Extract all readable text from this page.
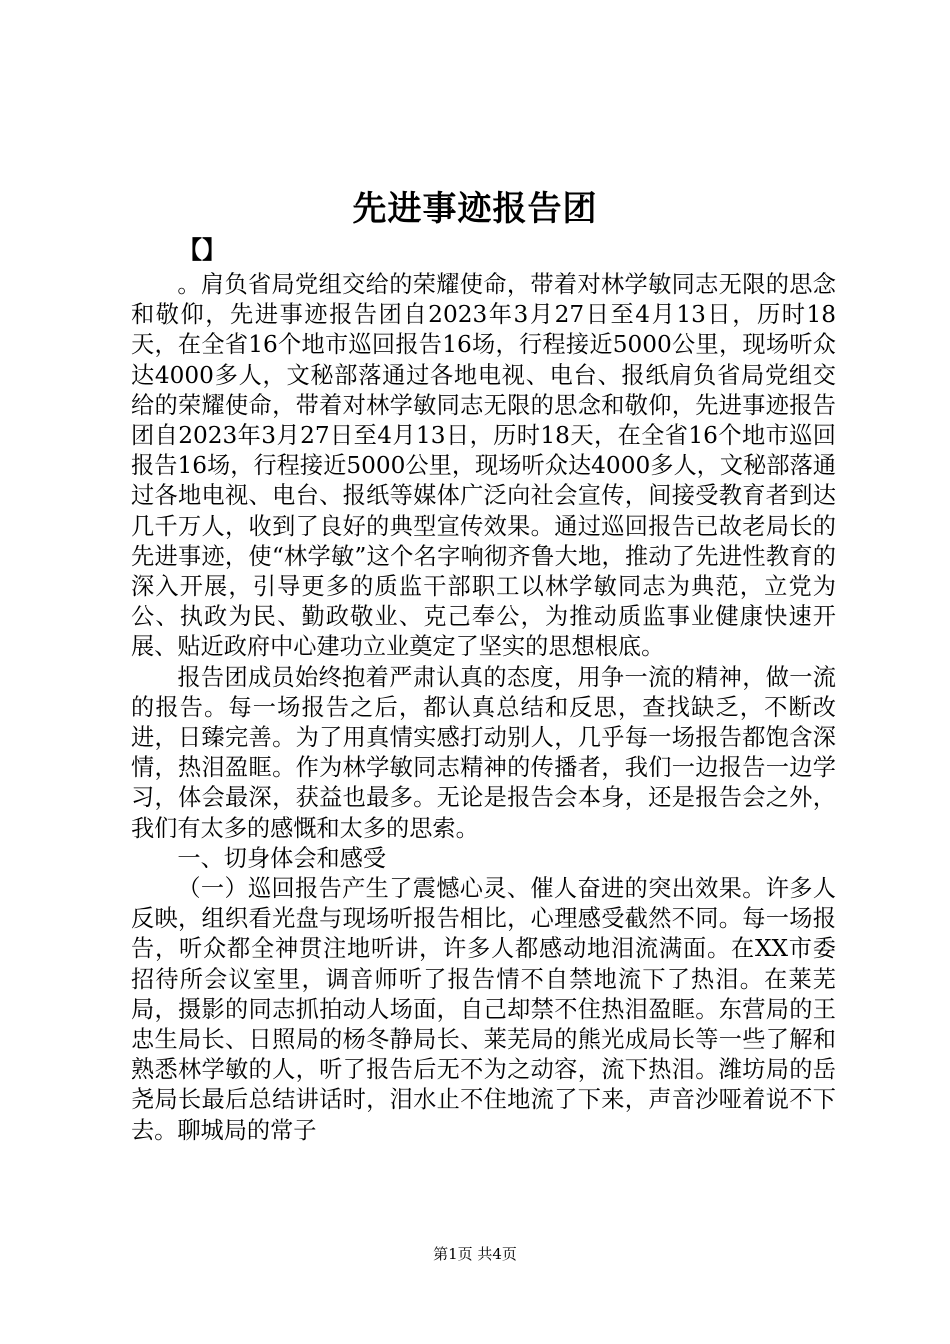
先进事迹报告团
【】

。肩负省局党组交给的荣耀使命，带着对林学敏同志无限的思念和敬仰，先进事迹报告团自2023年3月27日至4月13日，历时18天，在全省16个地市巡回报告16场，行程接近5000公里，现场听众达4000多人，文秘部落通过各地电视、电台、报纸肩负省局党组交给的荣耀使命，带着对林学敏同志无限的思念和敬仰，先进事迹报告团自2023年3月27日至4月13日，历时18天，在全省16个地市巡回报告16场，行程接近5000公里，现场听众达4000多人，文秘部落通过各地电视、电台、报纸等媒体广泛向社会宣传，间接受教育者到达几千万人，收到了良好的典型宣传效果。通过巡回报告已故老局长的先进事迹，使“林学敏”这个名字响彻齐鲁大地，推动了先进性教育的深入开展，引导更多的质监干部职工以林学敏同志为典范，立党为公、执政为民、勤政敬业、克己奉公，为推动质监事业健康快速开展、贴近政府中心建功立业奠定了坚实的思想根底。

报告团成员始终抱着严肃认真的态度，用争一流的精神，做一流的报告。每一场报告之后，都认真总结和反思，查找缺乏，不断改进，日臻完善。为了用真情实感打动别人，几乎每一场报告都饱含深情，热泪盈眶。作为林学敏同志精神的传播者，我们一边报告一边学习，体会最深，获益也最多。无论是报告会本身，还是报告会之外，我们有太多的感慨和太多的思索。

一、切身体会和感受

（一）巡回报告产生了震憾心灵、催人奋进的突出效果。许多人反映，组织看光盘与现场听报告相比，心理感受截然不同。每一场报告，听众都全神贯注地听讲，许多人都感动地泪流满面。在XX市委招待所会议室里，调音师听了报告情不自禁地流下了热泪。在莱芜局，摄影的同志抓拍动人场面，自己却禁不住热泪盈眶。东营局的王忠生局长、日照局的杨冬静局长、莱芜局的熊光成局长等一些了解和熟悉林学敏的人，听了报告后无不为之动容，流下热泪。潍坊局的岳尧局长最后总结讲话时，泪水止不住地流了下来，声音沙哑着说不下去。聊城局的常子

第1页 共4页
